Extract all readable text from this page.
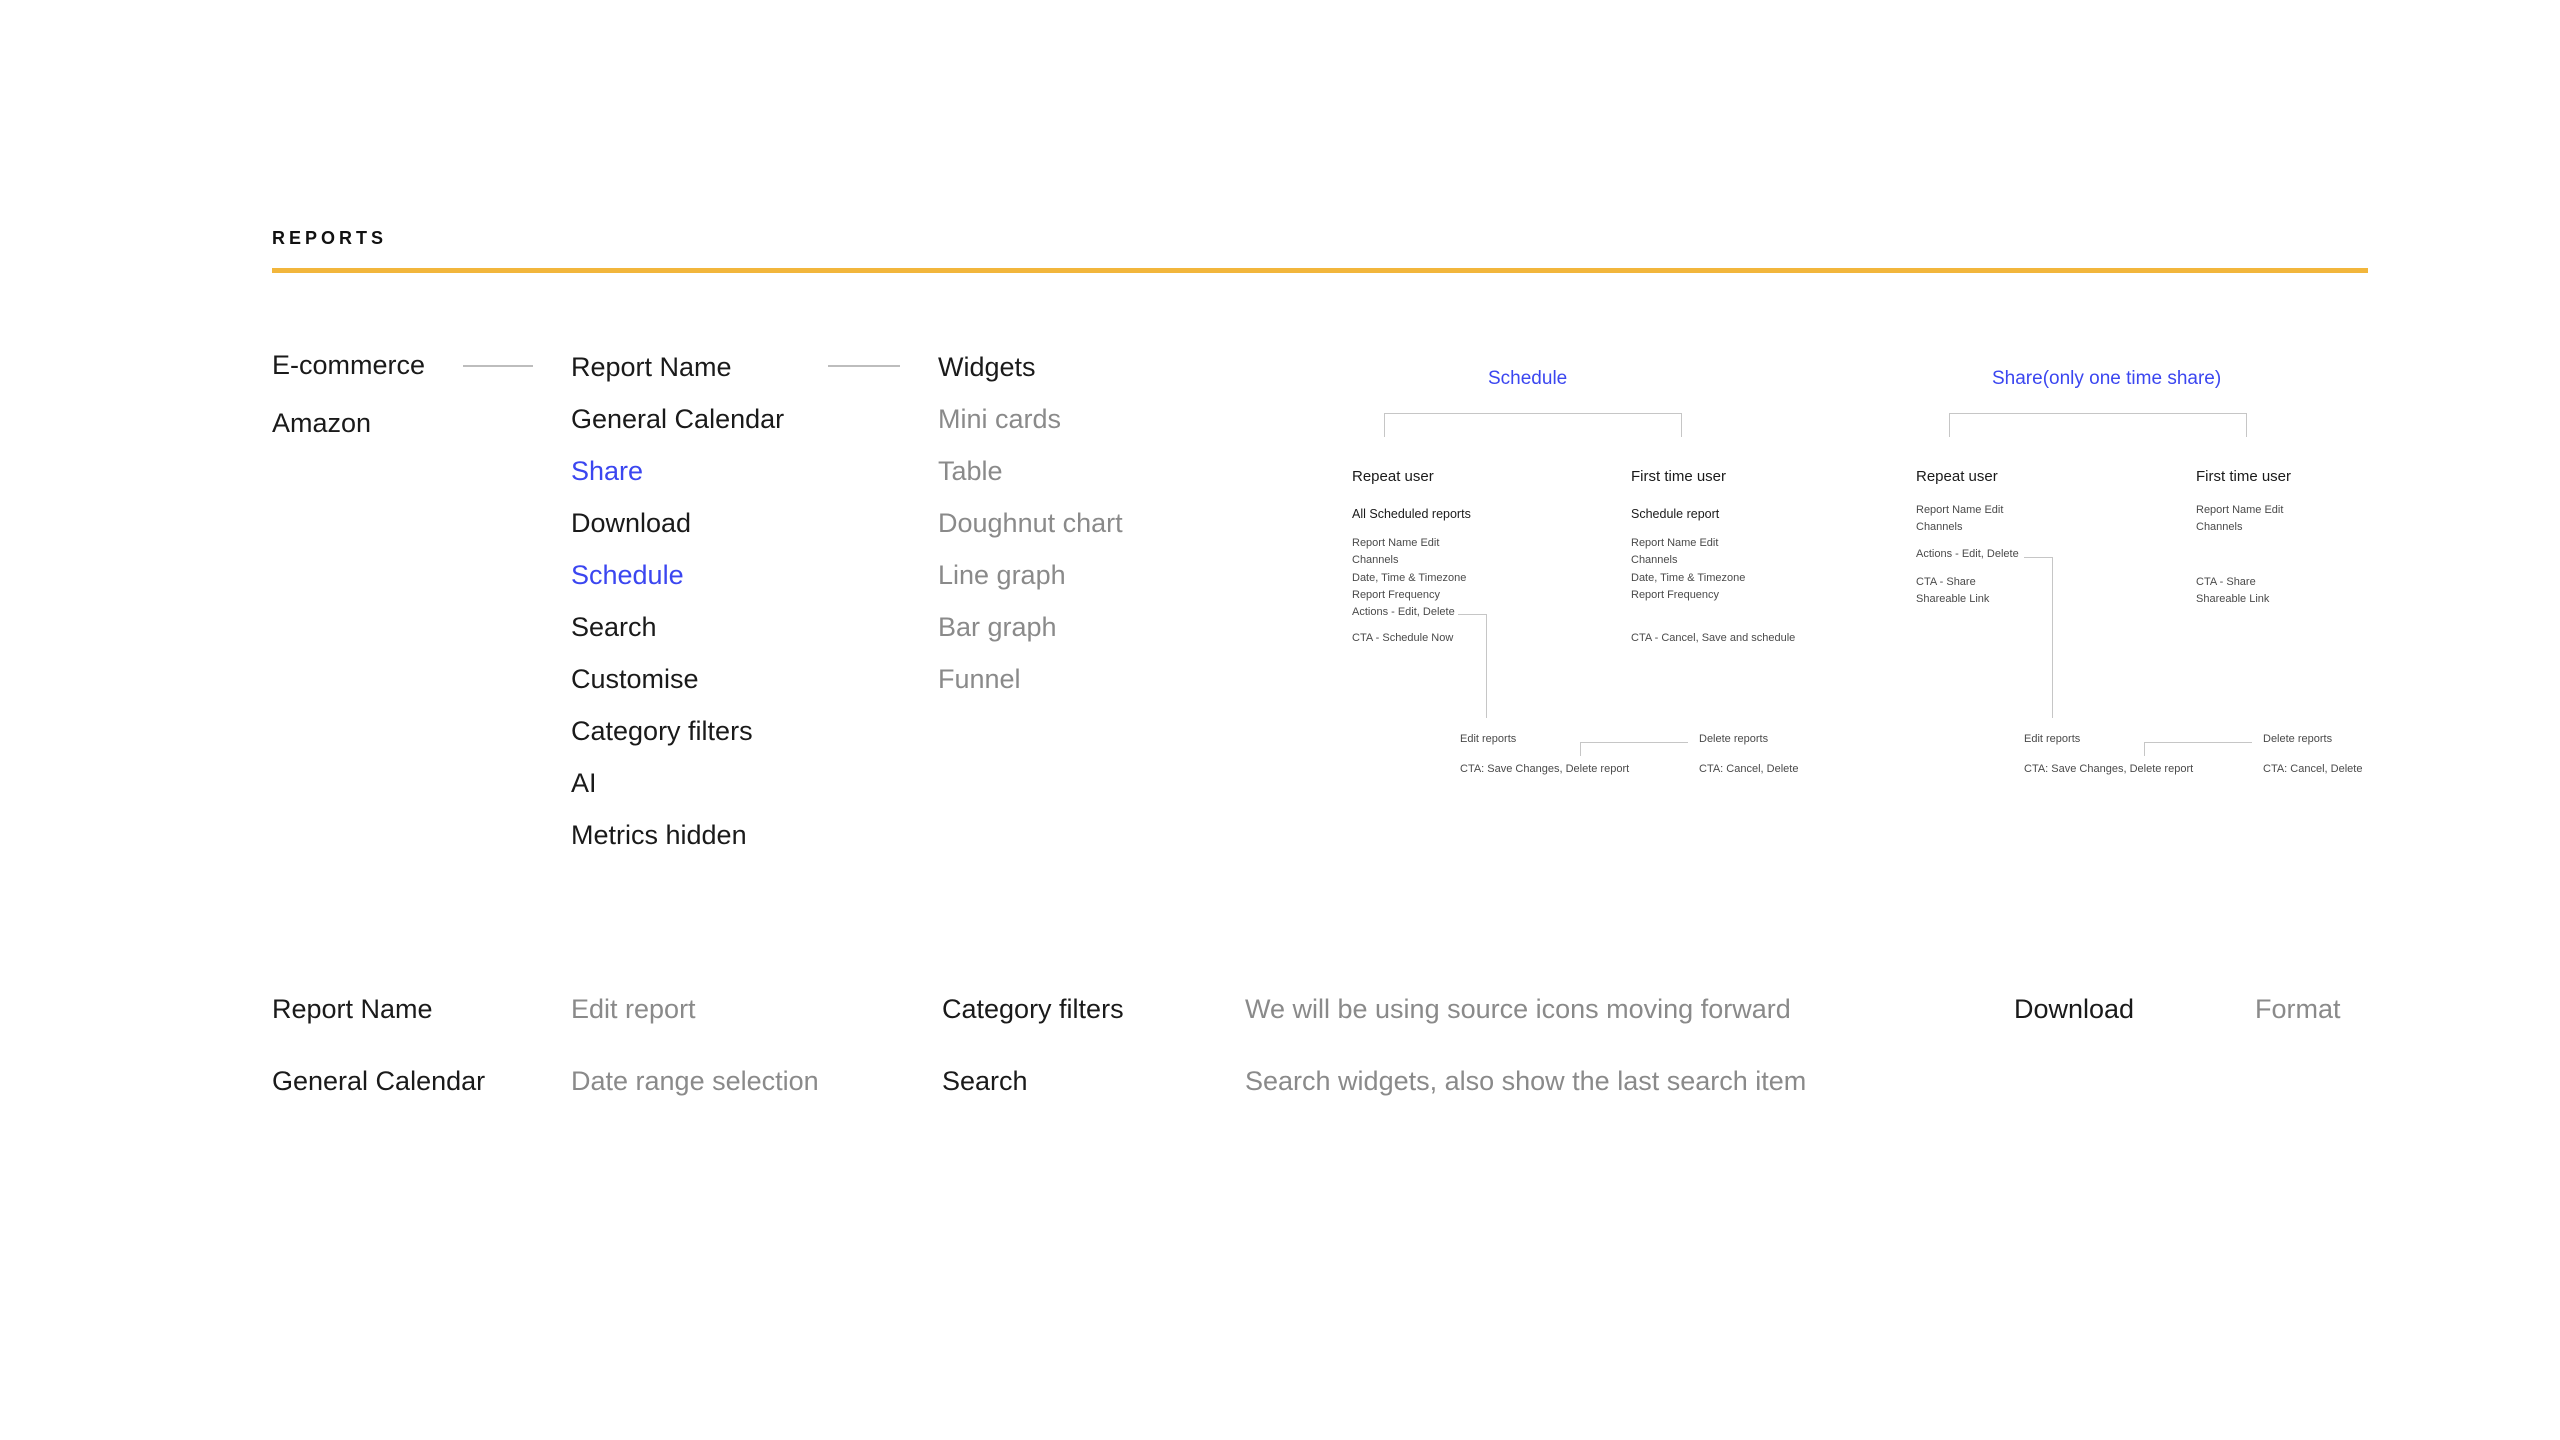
REPORTS
E-commerce
Amazon
Report Name
General Calendar
Share
Download
Schedule
Search
Customise
Category filters
AI
Metrics hidden
Widgets
Mini cards
Table
Doughnut chart
Line graph
Bar graph
Funnel
Schedule
Repeat user
All Scheduled reports
Report Name Edit
Channels
Date, Time & Timezone
Report Frequency
Actions - Edit, Delete
CTA - Schedule Now
First time user
Schedule report
Report Name Edit
Channels
Date, Time & Timezone
Report Frequency
CTA - Cancel, Save and schedule
Edit reports
CTA: Save Changes, Delete report
Delete reports
CTA: Cancel, Delete
Share(only one time share)
Repeat user
Report Name Edit
Channels
Actions - Edit, Delete
CTA - Share
Shareable Link
First time user
Report Name Edit
Channels
CTA - Share
Shareable Link
Edit reports
CTA: Save Changes, Delete report
Delete reports
CTA: Cancel, Delete
Report Name	Edit report	Category filters	We will be using source icons moving forward	Download	Format
General Calendar	Date range selection	Search	Search widgets, also show the last search item
